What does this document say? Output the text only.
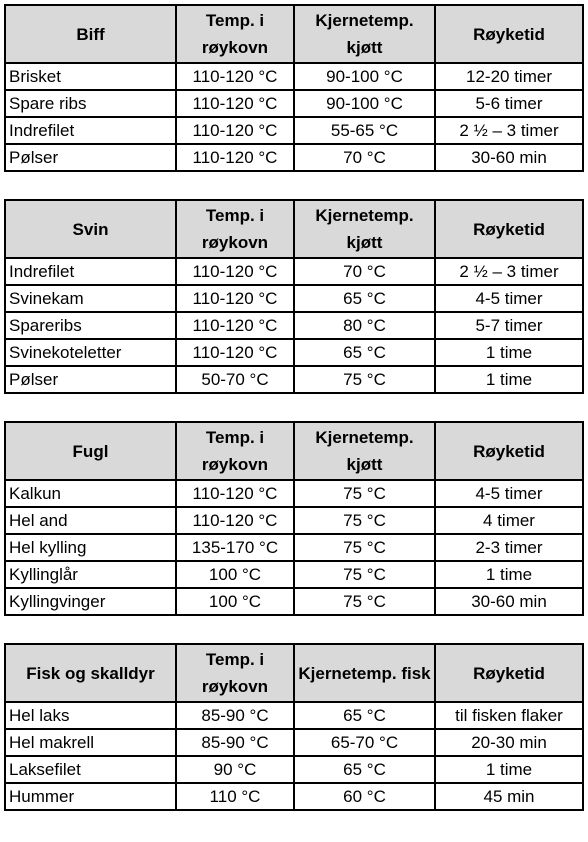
Biff	Temp. i røykovn	Kjernetemp. kjøtt	Røyketid
Brisket	110-120 °C	90-100 °C	12-20 timer
Spare ribs	110-120 °C	90-100 °C	5-6 timer
Indrefilet	110-120 °C	55-65 °C	2 ½ – 3 timer
Pølser	110-120 °C	70 °C	30-60 min
Svin	Temp. i røykovn	Kjernetemp. kjøtt	Røyketid
Indrefilet	110-120 °C	70 °C	2 ½ – 3 timer
Svinekam	110-120 °C	65 °C	4-5 timer
Spareribs	110-120 °C	80 °C	5-7 timer
Svinekoteletter	110-120 °C	65 °C	1 time
Pølser	50-70 °C	75 °C	1 time
Fugl	Temp. i røykovn	Kjernetemp. kjøtt	Røyketid
Kalkun	110-120 °C	75 °C	4-5 timer
Hel and	110-120 °C	75 °C	4 timer
Hel kylling	135-170 °C	75 °C	2-3 timer
Kyllinglår	100 °C	75 °C	1 time
Kyllingvinger	100 °C	75 °C	30-60 min
Fisk og skalldyr	Temp. i røykovn	Kjernetemp. fisk	Røyketid
Hel laks	85-90 °C	65 °C	til fisken flaker
Hel makrell	85-90 °C	65-70 °C	20-30 min
Laksefilet	90 °C	65 °C	1 time
Hummer	110 °C	60 °C	45 min
